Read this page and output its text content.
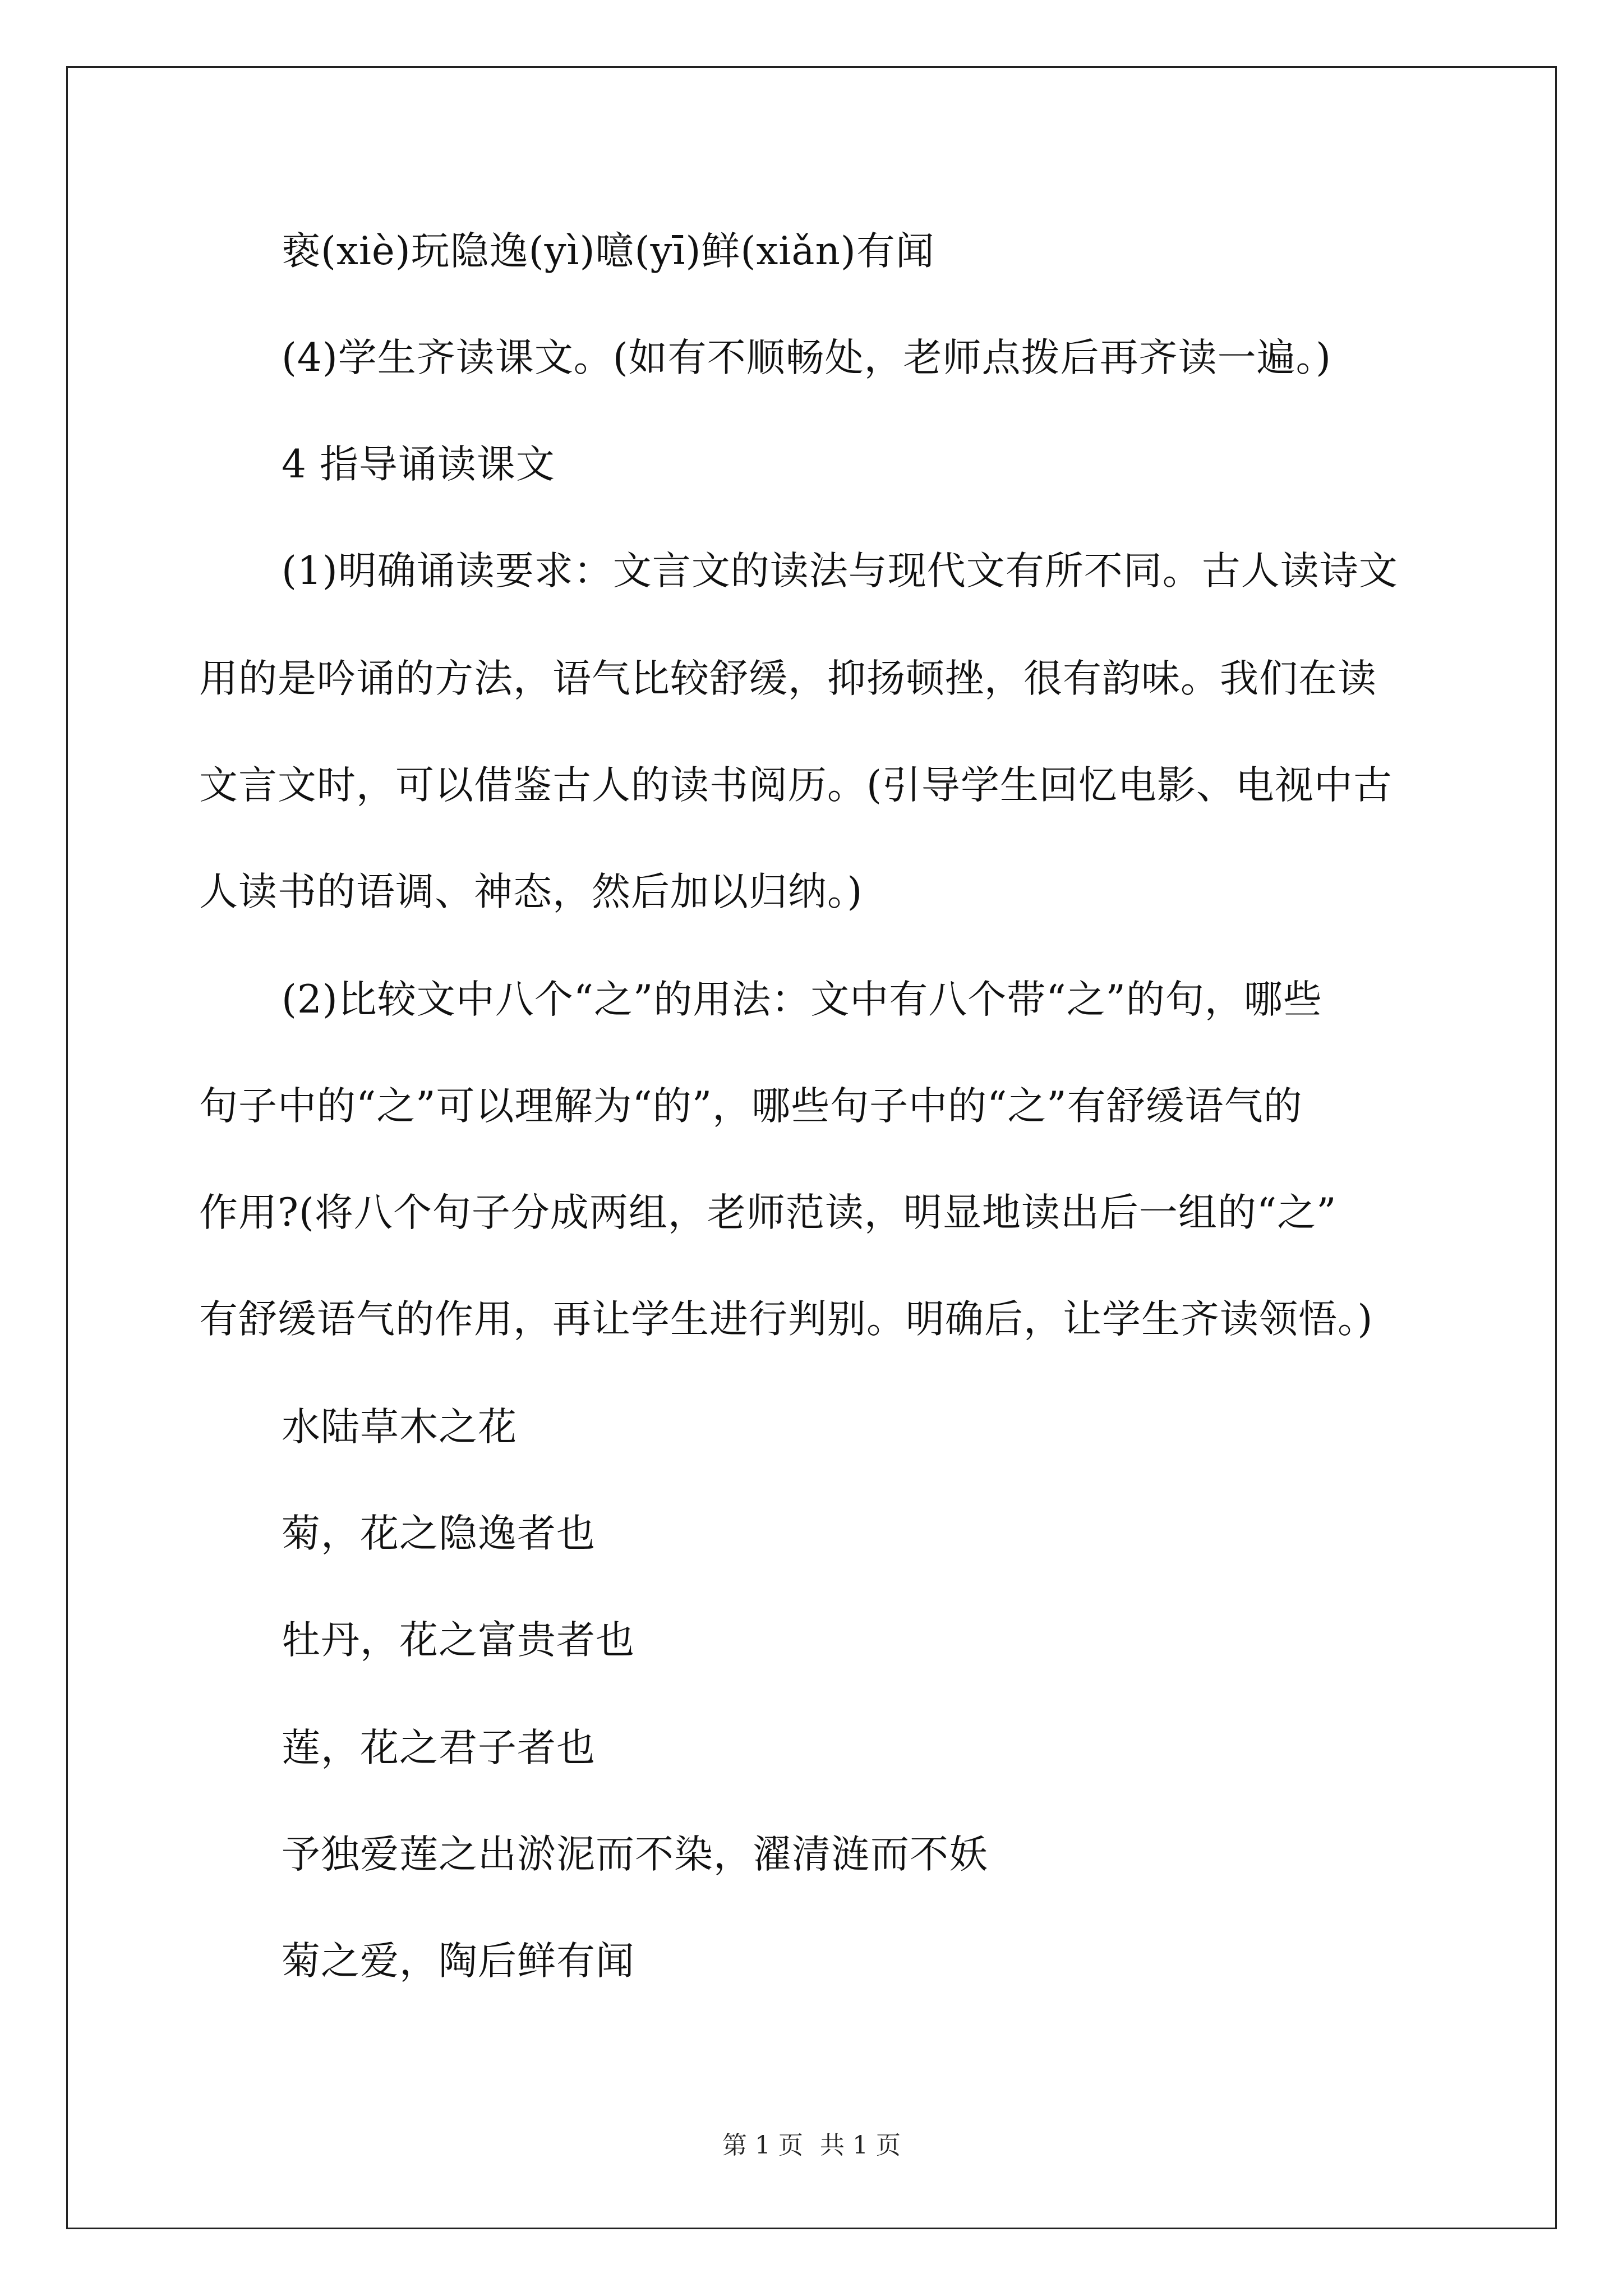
亵(xiè)玩隐逸(yì)噫(yī)鲜(xiǎn)有闻
(4)学生齐读课文。(如有不顺畅处，老师点拨后再齐读一遍。)
4 指导诵读课文
(1)明确诵读要求：文言文的读法与现代文有所不同。古人读诗文
用的是吟诵的方法，语气比较舒缓，抑扬顿挫，很有韵味。我们在读
文言文时，可以借鉴古人的读书阅历。(引导学生回忆电影、电视中古
人读书的语调、神态，然后加以归纳。)
(2)比较文中八个“之”的用法：文中有八个带“之”的句，哪些
句子中的“之”可以理解为“的”，哪些句子中的“之”有舒缓语气的
作用?(将八个句子分成两组，老师范读，明显地读出后一组的“之”
有舒缓语气的作用，再让学生进行判别。明确后，让学生齐读领悟。)
水陆草木之花
菊，花之隐逸者也
牡丹，花之富贵者也
莲，花之君子者也
予独爱莲之出淤泥而不染，濯清涟而不妖
菊之爱，陶后鲜有闻
第 1 页 共 1 页
